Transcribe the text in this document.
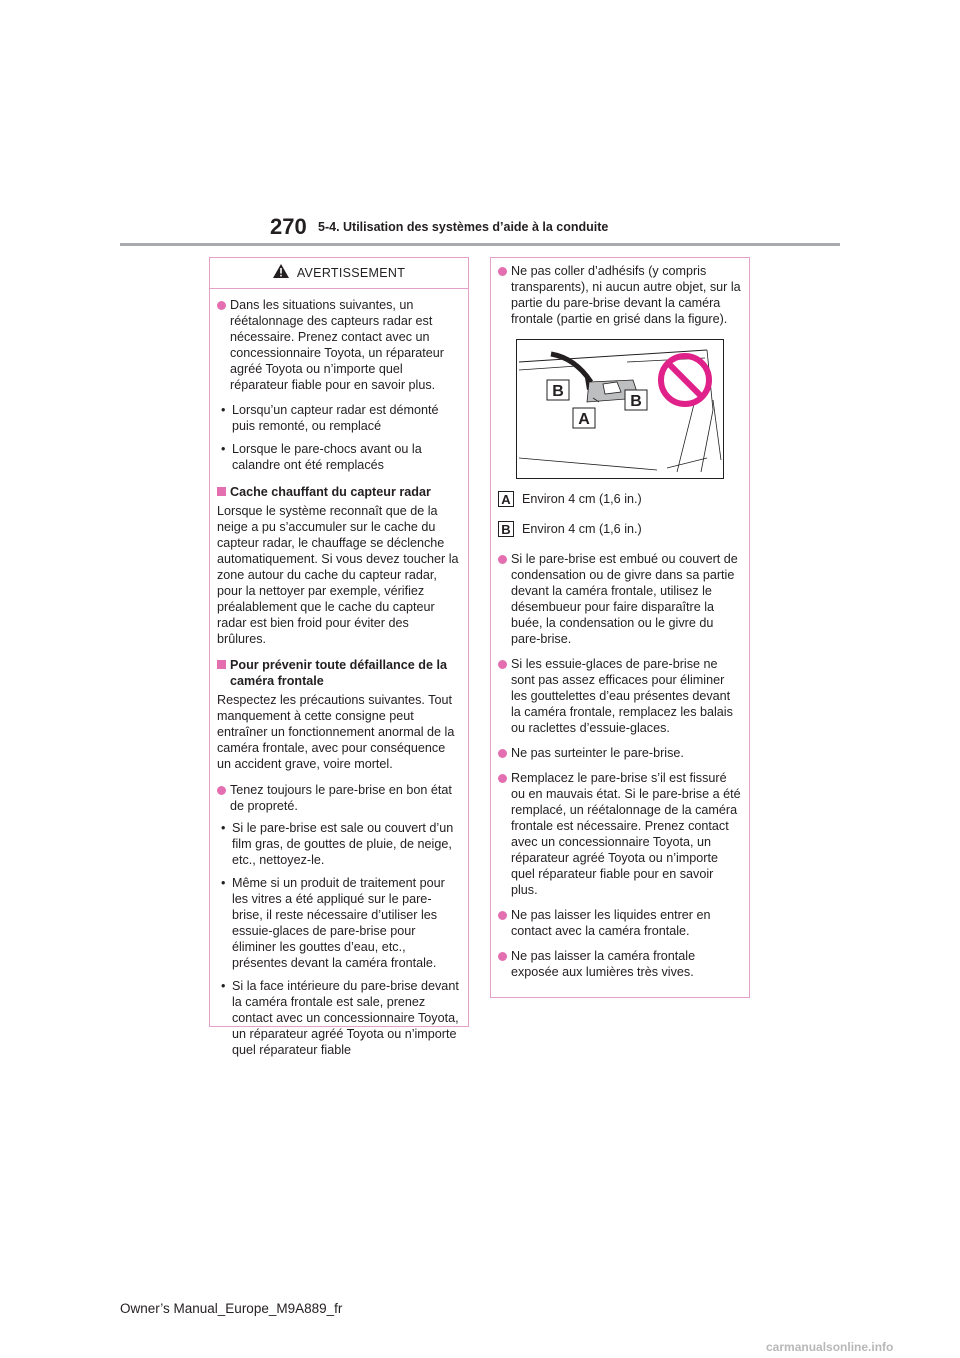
270 5-4. Utilisation des systèmes d’aide à la conduite
AVERTISSEMENT
Dans les situations suivantes, un réétalonnage des capteurs radar est nécessaire. Prenez contact avec un concessionnaire Toyota, un réparateur agréé Toyota ou n’importe quel réparateur fiable pour en savoir plus.
• Lorsqu’un capteur radar est démonté puis remonté, ou remplacé
• Lorsque le pare-chocs avant ou la calandre ont été remplacés
Cache chauffant du capteur radar
Lorsque le système reconnaît que de la neige a pu s’accumuler sur le cache du capteur radar, le chauffage se déclenche automatiquement. Si vous devez toucher la zone autour du cache du capteur radar, pour la nettoyer par exemple, vérifiez préalablement que le cache du capteur radar est bien froid pour éviter des brûlures.
Pour prévenir toute défaillance de la caméra frontale
Respectez les précautions suivantes. Tout manquement à cette consigne peut entraîner un fonctionnement anormal de la caméra frontale, avec pour conséquence un accident grave, voire mortel.
Tenez toujours le pare-brise en bon état de propreté.
• Si le pare-brise est sale ou couvert d’un film gras, de gouttes de pluie, de neige, etc., nettoyez-le.
• Même si un produit de traitement pour les vitres a été appliqué sur le pare-brise, il reste nécessaire d’utiliser les essuie-glaces de pare-brise pour éliminer les gouttes d’eau, etc., présentes devant la caméra frontale.
• Si la face intérieure du pare-brise devant la caméra frontale est sale, prenez contact avec un concessionnaire Toyota, un réparateur agréé Toyota ou n’importe quel réparateur fiable
Ne pas coller d’adhésifs (y compris transparents), ni aucun autre objet, sur la partie du pare-brise devant la caméra frontale (partie en grisé dans la figure).
B
B
A
A Environ 4 cm (1,6 in.)
B Environ 4 cm (1,6 in.)
Si le pare-brise est embué ou couvert de condensation ou de givre dans sa partie devant la caméra frontale, utilisez le désembueur pour faire disparaître la buée, la condensation ou le givre du pare-brise.
Si les essuie-glaces de pare-brise ne sont pas assez efficaces pour éliminer les gouttelettes d’eau présentes devant la caméra frontale, remplacez les balais ou raclettes d’essuie-glaces.
Ne pas surteinter le pare-brise.
Remplacez le pare-brise s’il est fissuré ou en mauvais état. Si le pare-brise a été remplacé, un réétalonnage de la caméra frontale est nécessaire. Prenez contact avec un concessionnaire Toyota, un réparateur agréé Toyota ou n’importe quel réparateur fiable pour en savoir plus.
Ne pas laisser les liquides entrer en contact avec la caméra frontale.
Ne pas laisser la caméra frontale exposée aux lumières très vives.
Owner’s Manual_Europe_M9A889_fr
carmanualsonline.info
